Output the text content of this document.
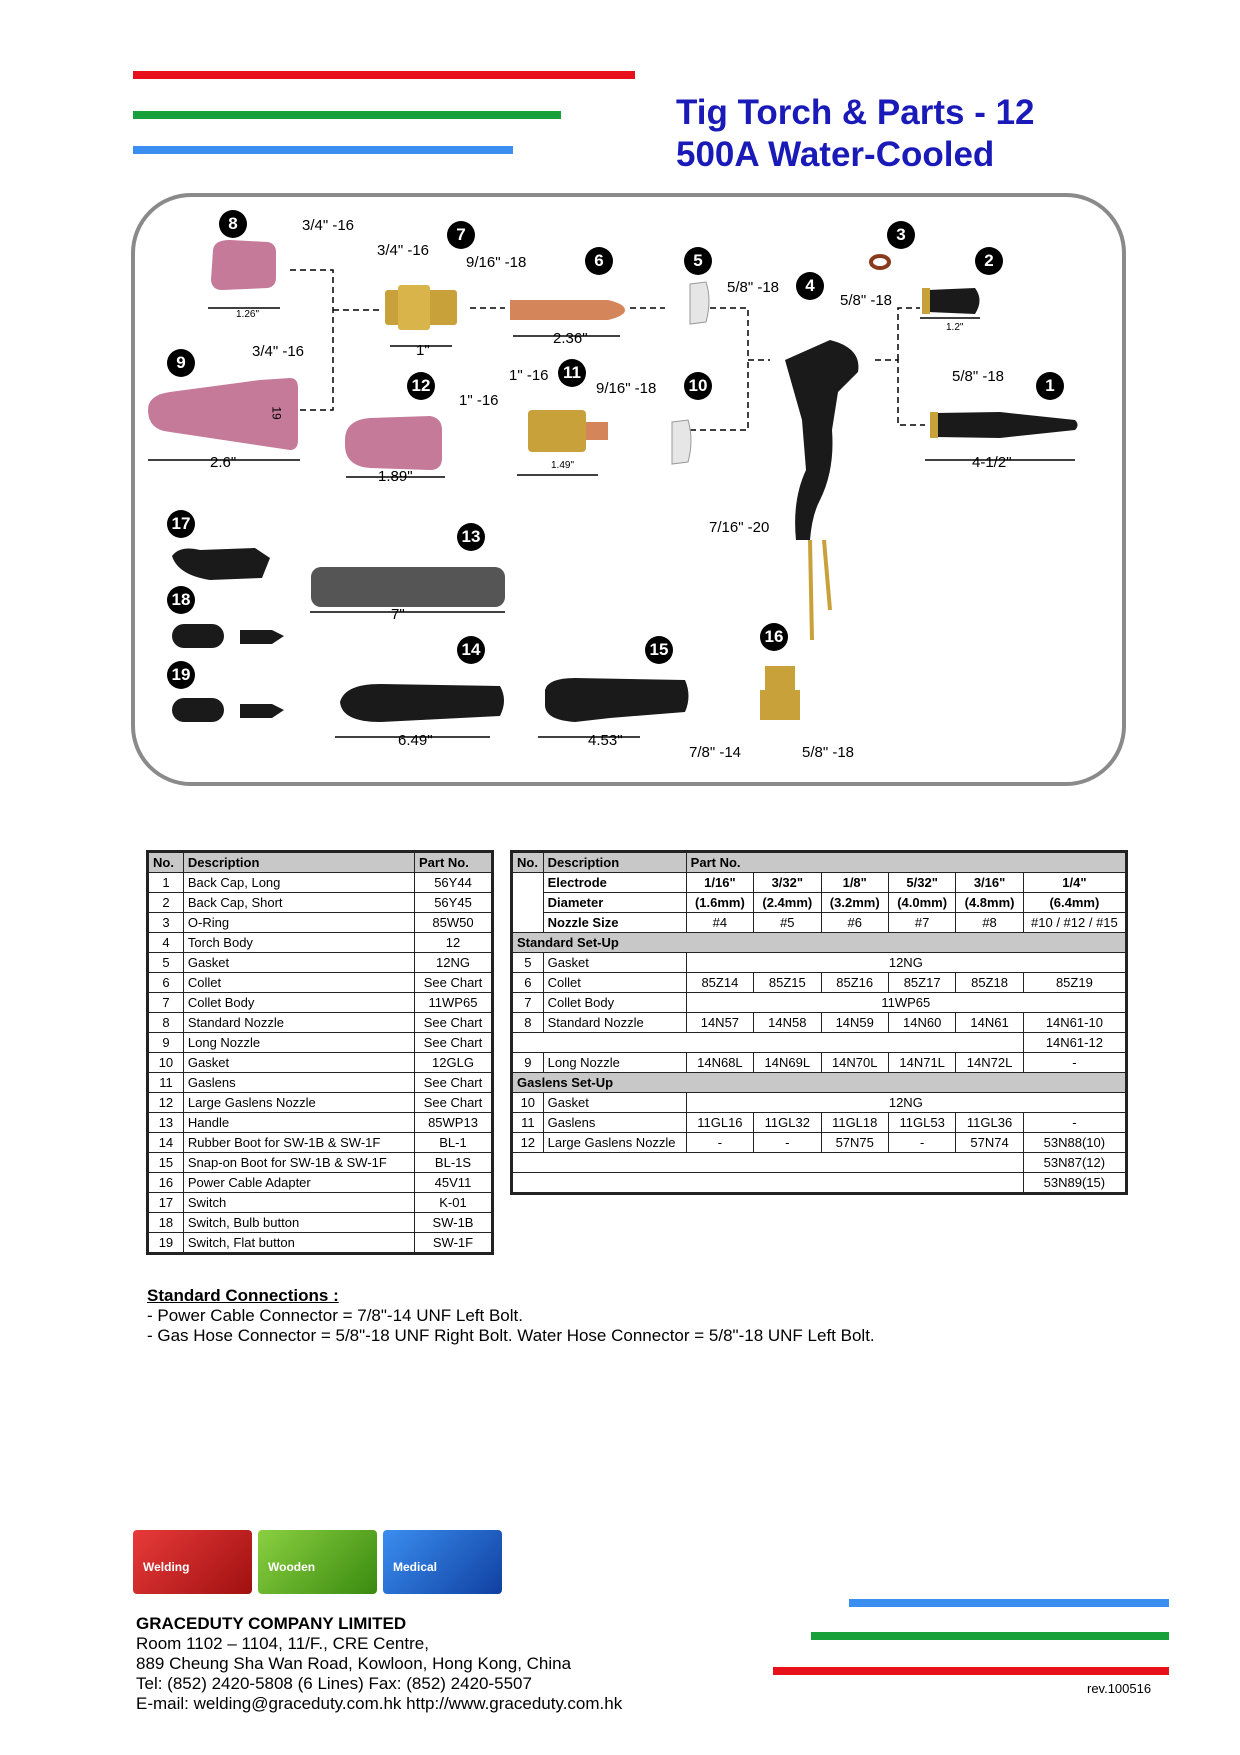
Tig Torch & Parts - 12
500A Water-Cooled
8
7
6	5
4
3
2
9
12
11
10	1
17
13
18
14	15
16
19
3/4" -16
1.26"
3/4" -16
9/16" -18
1"
2.36"
5/8" -18
5/8" -18
1.2"
3/4" -16
2.6"
19
1" -16
1.89"
1" -16
9/16" -18
1.49"
5/8" -18
4-1/2"
7/16" -20
7"
6.49"	4.53"
7/8" -14	5/8" -18
No.	Description	Part No.
1	Back Cap, Long	56Y44
2	Back Cap, Short	56Y45
3	O-Ring	85W50
4	Torch Body	12
5	Gasket	12NG
6	Collet	See Chart
7	Collet Body	11WP65
8	Standard Nozzle	See Chart
9	Long Nozzle	See Chart
10	Gasket	12GLG
11	Gaslens	See Chart
12	Large Gaslens Nozzle	See Chart
13	Handle	85WP13
14	Rubber Boot for SW-1B & SW-1F	BL-1
15	Snap-on Boot for SW-1B & SW-1F	BL-1S
16	Power Cable Adapter	45V11
17	Switch	K-01
18	Switch, Bulb button	SW-1B
19	Switch, Flat button	SW-1F
No.	Description	Part No.					
	Electrode	1/16"	3/32"	1/8"	5/32"	3/16"	1/4"
	Diameter	(1.6mm)	(2.4mm)	(3.2mm)	(4.0mm)	(4.8mm)	(6.4mm)
	Nozzle Size	#4	#5	#6	#7	#8	#10 / #12 / #15
Standard Set-Up							
5	Gasket	12NG					
6	Collet	85Z14	85Z15	85Z16	85Z17	85Z18	85Z19
7	Collet Body	11WP65					
8	Standard Nozzle	14N57	14N58	14N59	14N60	14N61	14N61-10
							14N61-12
9	Long Nozzle	14N68L	14N69L	14N70L	14N71L	14N72L	-
Gaslens Set-Up							
10	Gasket	12NG					
11	Gaslens	11GL16	11GL32	11GL18	11GL53	11GL36	-
12	Large Gaslens Nozzle	-	-	57N75	-	57N74	53N88(10)
							53N87(12)
							53N89(15)
Standard Connections :
- Power Cable Connector = 7/8"-14 UNF Left Bolt.
- Gas Hose Connector = 5/8"-18 UNF Right Bolt. Water Hose Connector = 5/8"-18 UNF Left Bolt.
Welding	Wooden	Medical
GRACEDUTY COMPANY LIMITED
Room 1102 – 1104, 11/F., CRE Centre,
889 Cheung Sha Wan Road, Kowloon, Hong Kong, China
Tel: (852) 2420-5808 (6 Lines) Fax: (852) 2420-5507
E-mail: welding@graceduty.com.hk http://www.graceduty.com.hk
rev.100516
